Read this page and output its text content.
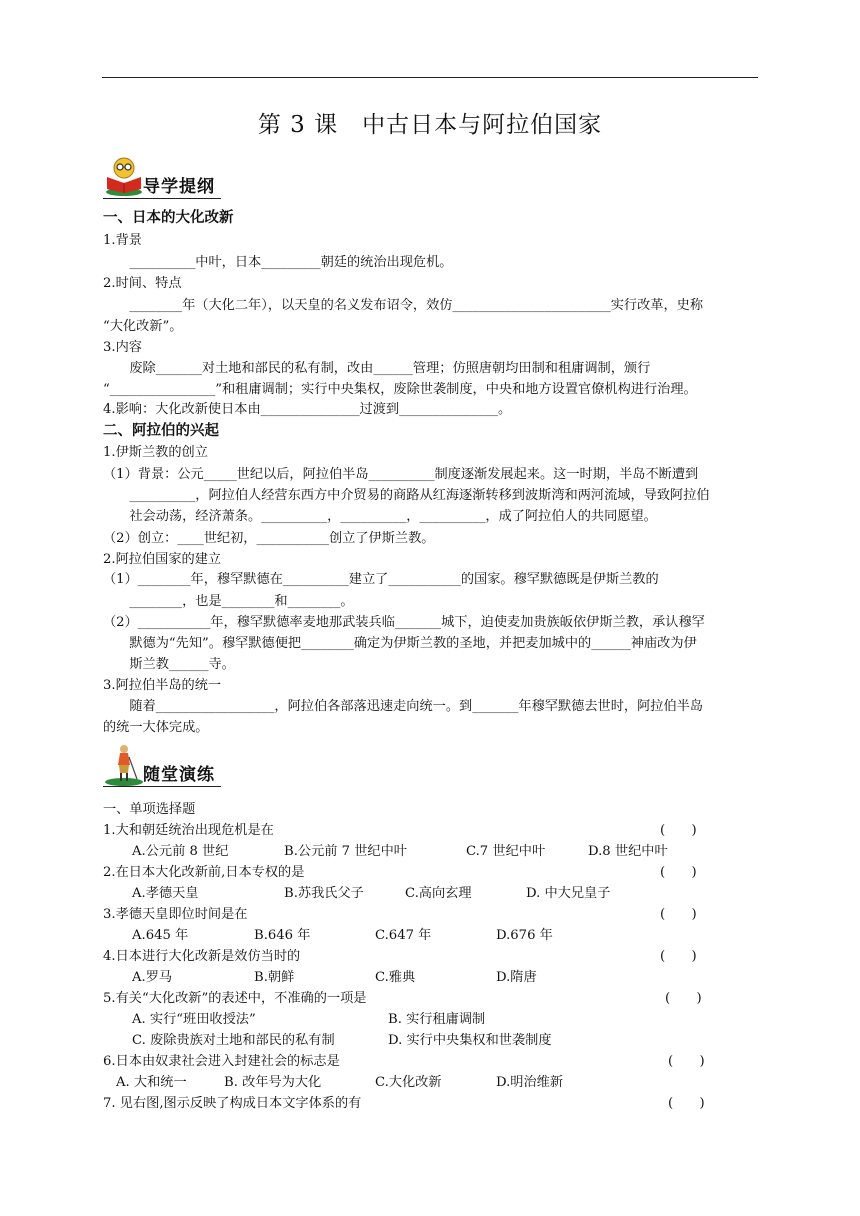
第 3 课　中古日本与阿拉伯国家
导学提纲
一、日本的大化改新
1.背景
　　__________中叶，日本_________朝廷的统治出现危机。
2.时间、特点
　　________年（大化二年），以天皇的名义发布诏令，效仿________________________实行改革，史称
“大化改新”。
3.内容
　　废除_______对土地和部民的私有制，改由______管理；仿照唐朝均田制和租庸调制，颁行
“________________”和租庸调制；实行中央集权，废除世袭制度，中央和地方设置官僚机构进行治理。
4.影响：大化改新使日本由_______________过渡到_______________。
二、阿拉伯的兴起
1.伊斯兰教的创立
（1）背景：公元_____世纪以后，阿拉伯半岛__________制度逐渐发展起来。这一时期，半岛不断遭到
　　__________，阿拉伯人经营东西方中介贸易的商路从红海逐渐转移到波斯湾和两河流域，导致阿拉伯
　　社会动荡，经济萧条。__________，__________，__________，成了阿拉伯人的共同愿望。
（2）创立：____世纪初，___________创立了伊斯兰教。
2.阿拉伯国家的建立
（1）________年，穆罕默德在__________建立了___________的国家。穆罕默德既是伊斯兰教的
　　________，也是________和________。
（2）___________年，穆罕默德率麦地那武装兵临_______城下，迫使麦加贵族皈依伊斯兰教，承认穆罕
　　默德为“先知”。穆罕默德便把________确定为伊斯兰教的圣地，并把麦加城中的______神庙改为伊
　　斯兰教______寺。
3.阿拉伯半岛的统一
　　随着__________________，阿拉伯各部落迅速走向统一。到_______年穆罕默德去世时，阿拉伯半岛
的统一大体完成。
随堂演练
一、单项选择题
1.大和朝廷统治出现危机是在	(　　)
A.公元前 8 世纪	B.公元前 7 世纪中叶	C.7 世纪中叶	D.8 世纪中叶
2.在日本大化改新前,日本专权的是	(　　)
A.孝德天皇	B.苏我氏父子	C.高向玄理	D. 中大兄皇子
3.孝德天皇即位时间是在	(　　)
A.645 年	B.646 年	C.647 年	D.676 年
4.日本进行大化改新是效仿当时的	(　　)
A.罗马	B.朝鲜	C.雅典	D.隋唐
5.有关“大化改新”的表述中，不准确的一项是	(　　)
A. 实行“班田收授法”	B. 实行租庸调制
C. 废除贵族对土地和部民的私有制	D. 实行中央集权和世袭制度
6.日本由奴隶社会进入封建社会的标志是	(　　)
A. 大和统一	B. 改年号为大化	C.大化改新	D.明治维新
7. 见右图,图示反映了构成日本文字体系的有	(　　)
